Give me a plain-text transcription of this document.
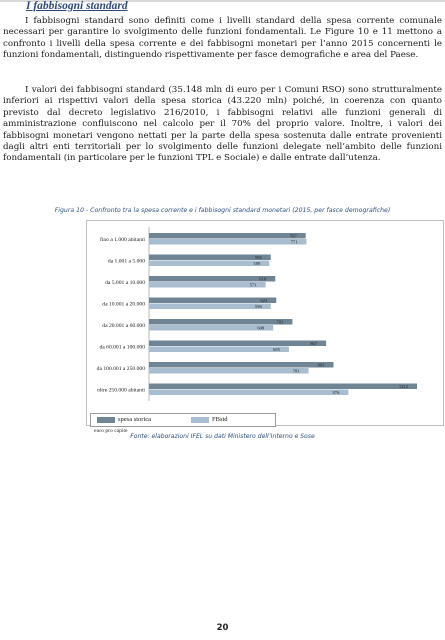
I fabbisogni standard

I fabbisogni standard sono definiti come i livelli standard della spesa corrente comunale necessari per garantire lo svolgimento delle funzioni fondamentali. Le Figure 10 e 11 mettono a confronto i livelli della spesa corrente e dei fabbisogni monetari per l’anno 2015 concernenti le funzioni fondamentali, distinguendo rispettivamente per fasce demografiche e area del Paese.

I valori dei fabbisogni standard (35.148 mln di euro per i Comuni RSO) sono strutturalmente inferiori ai rispettivi valori della spesa storica (43.220 mln) poiché, in coerenza con quanto previsto dal decreto legislativo 216/2010, i fabbisogni relativi alle funzioni generali di amministrazione confluiscono nel calcolo per il 70% del proprio valore. Inoltre, i valori dei fabbisogni monetari vengono nettati per la parte della spesa sostenuta dalle entrate provenienti dagli altri enti territoriali per lo svolgimento delle funzioni delegate nell’ambito delle funzioni fondamentali (in particolare per le funzioni TPL e Sociale) e dalle entrate dall’utenza.

Figura 10 - Confronto tra la spesa corrente e i fabbisogni standard monetari (2015, per fasce demografiche)
fino a 1.000 abitanti
767
771
da 1.001 a 5.000
596
589
da 5.001 a 10.000
618
571
da 10.001 a 20.000
623
596
da 20.001 a 60.000
702
608
da 60.001 a 100.000
867
685
da 100.001 a 250.000
903
781
oltre 250.000 abitanti
1312
976
spesa storica	FBstd
euro pro capite
Fonte: elaborazioni IFEL su dati Ministero dell’Interno e Sose
20
